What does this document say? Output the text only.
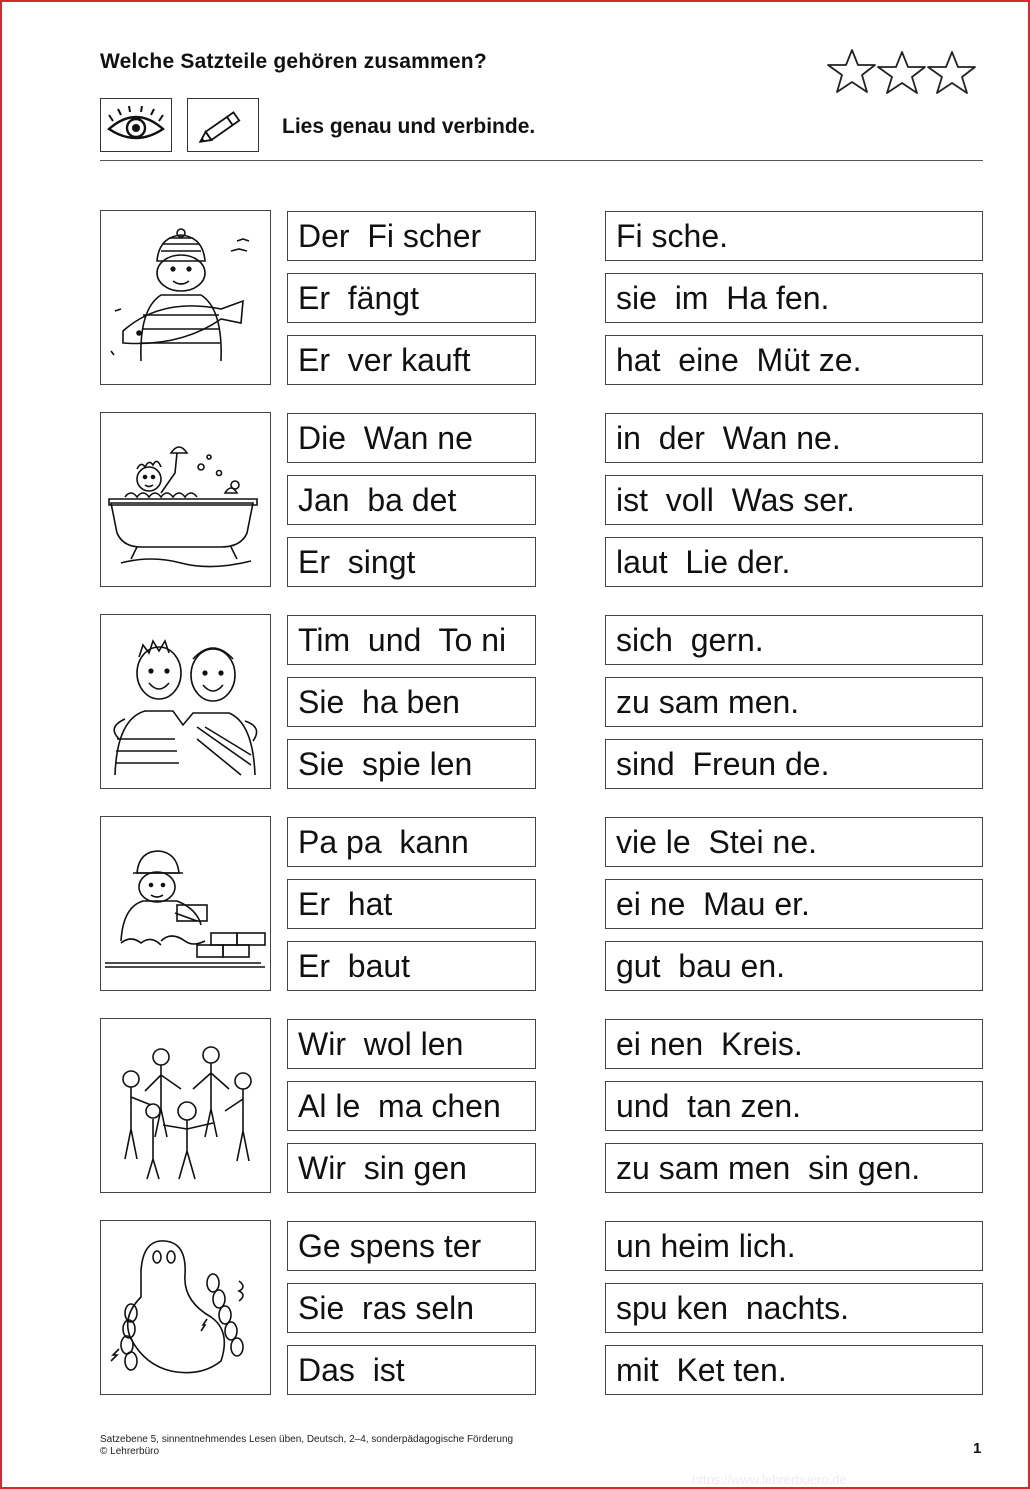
Welche Satzteile gehören zusammen?
Lies genau und verbinde.
Der  Fi scher
Er  fängt
Er  ver kauft
Fi sche.
sie  im  Ha fen.
hat  eine  Müt ze.
Die  Wan ne
Jan  ba det
Er  singt
in  der  Wan ne.
ist  voll  Was ser.
laut  Lie der.
Tim  und  To ni
Sie  ha ben
Sie  spie len
sich  gern.
zu sam men.
sind  Freun de.
Pa pa  kann
Er  hat
Er  baut
vie le  Stei ne.
ei ne  Mau er.
gut  bau en.
Wir  wol len
Al le  ma chen
Wir  sin gen
ei nen  Kreis.
und  tan zen.
zu sam men  sin gen.
Ge spens ter
Sie  ras seln
Das  ist
un heim lich.
spu ken  nachts.
mit  Ket ten.
Satzebene 5, sinnentnehmendes Lesen üben, Deutsch, 2–4, sonderpädagogische Förderung
© Lehrerbüro	1
https://www.lehrerbuero.de
